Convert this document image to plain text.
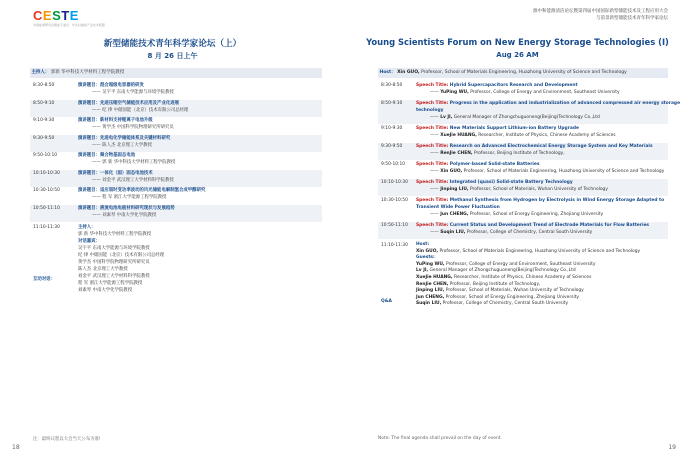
CESTE
中国能源研究会储能专委会 · 中关村储能产业技术联盟
新型储能技术青年科学家论坛（上）
8 月 26 日上午
主持人： 郭新 华中科技大学材料工程学院教授
8:30-8:50	演讲题目：混合超级电容器的研发
—— 吴宇平 东南大学能源与环境学院教授
8:50-9:10	演讲题目：先进压缩空气储能技术应用及产业化进展
—— 纪 律 中储国能（北京）技术有限公司总经理
9:10-9:30	演讲题目：新材料支持锂离子电池升级
—— 黄学杰 中国科学院物理研究所研究员
9:30-9:50	演讲题目：先进电化学储能体系及关键材料研究
—— 陈人杰 北京理工大学教授
9:50-10:10	演讲题目：聚合物基固态电池
—— 郭 新 华中科技大学材料工程学院教授
10:10-10:30	演讲题目：一体化（固）固态电池技术
—— 刘金平 武汉理工大学材料科学院教授
10:30-10:50	演讲题目：适应弱时变功率波动的风光储能电解制氢合成甲醇研究
—— 程 军 浙江大学能源工程学院教授
10:50-11:10	演讲题目：液流电池电极材料研究现状与发展趋势
—— 刘素琴 中南大学化学院教授
11:10-11:30
互动对话：
主持人：
郭 新 华中科技大学材料工程学院教授
对话嘉宾：
吴宇平 东南大学能源与环境学院教授
纪 律 中储国能（北京）技术有限公司总经理
黄学杰 中国科学院物理研究所研究员
陈人杰 北京理工大学教授
刘金平 武汉理工大学材料科学院教授
程 军 浙江大学能源工程学院教授
刘素琴 中南大学化学院教授
注：最终议程以大会当天公布为准!
18
源中和能源清洁论坛暨第四届中国国际新型储能技术及工程应用大会
与前景新型储能技术青年科学家论坛
Young Scientists Forum on New Energy Storage Technologies (I)
Aug 26 AM
Host： Xin GUO, Professor, School of Materials Engineering, Huazhong University of Science and Technology
8:30-8:50	Speech Title: Hybrid Supercapacitors Research and Development
—— YuPing WU, Professor, College of Energy and Environment, Southeast University
8:50-9:10	Speech Title: Progress in the application and industrialization of advanced compressed air energy storage
technology
—— Lv JI, General Manager of Zhongchuguoneng(Beijing)Technology Co.,Ltd
9:10-9:30	Speech Title: New Materials Support Lithium-ion Battery Upgrade
—— XueJie HUANG, Researcher, Institute of Physics, Chinese Academy of Sciences
9:30-9:50	Speech Title: Research on Advanced Electrochemical Energy Storage System and Key Materials
—— RenJie CHEN, Professor, Beijing Institute of Technology,
9:50-10:10 Speech Title: Polymer-based Solid-state Batteries
—— Xin GUO, Professor, School of Materials Engineering, Huazhong University of Science and Technology
10:10-10:30 Speech Title: Integrated (quasi) Solid-state Battery Technology
—— Jinping LIU, Professor, School of Materials, Wuhan University of Technology
10:30-10:50 Speech Title: Methanol Synthesis from Hydrogen by Electrolysis in Wind Energy Storage Adapted to
Transient Wide Power Fluctuation
—— Jun CHENG, Professor, School of Energy Engineering, Zhejiang University
10:50-11:10 Speech Title: Current Status and Development Trend of Electrode Materials for Flow Batteries
—— Suqin LIU, Professor, College of Chemistry, Central South University
11:10-11:30
Q&A
Host:
Xin GUO, Professor, School of Materials Engineering, Huazhong University of Science and Technology
Guests:
YuPing WU, Professor, College of Energy and Environment, Southeast University
Lv JI, General Manager of Zhongchuguoneng(Beijing)Technology Co.,Ltd
XueJie HUANG, Researcher, Institute of Physics, Chinese Academy of Sciences
RenJie CHEN, Professor, Beijing Institute of Technology,
Jinping LIU, Professor, School of Materials, Wuhan University of Technology
Jun CHENG, Professor, School of Energy Engineering, Zhejiang University
Suqin LIU, Professor, College of Chemistry, Central South University
Note: The final agenda shall prevail on the day of event.
19
